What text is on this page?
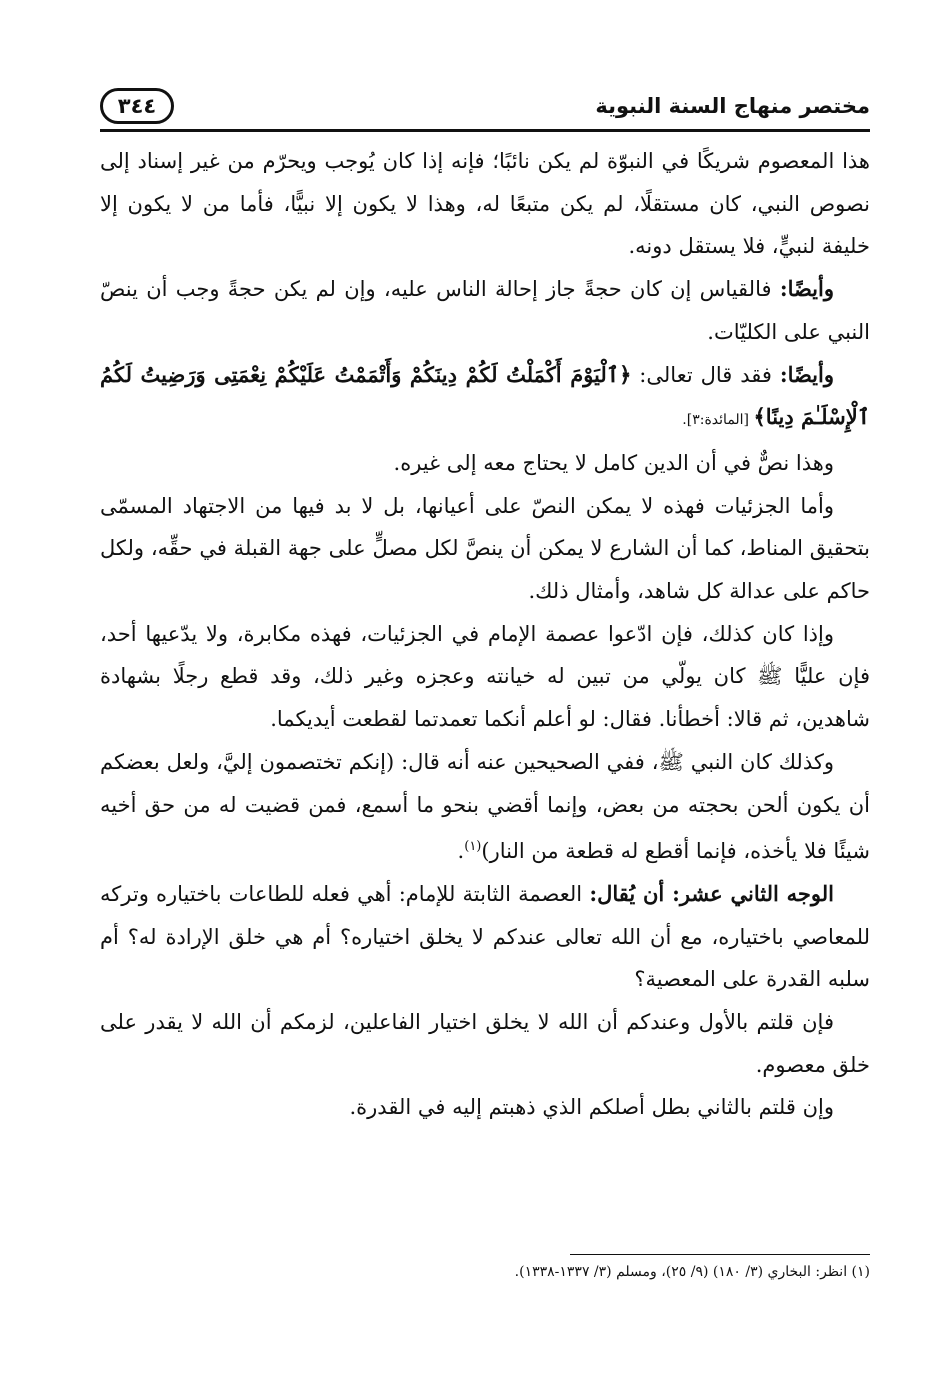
مختصر منهاج السنة النبوية
٣٤٤

هذا المعصوم شريكًا في النبوّة لم يكن نائبًا؛ فإنه إذا كان يُوجب ويحرّم من غير إسناد إلى نصوص النبي، كان مستقلًا، لم يكن متبعًا له، وهذا لا يكون إلا نبيًّا، فأما من لا يكون إلا خليفة لنبيٍّ، فلا يستقل دونه.

وأيضًا: فالقياس إن كان حجةً جاز إحالة الناس عليه، وإن لم يكن حجةً وجب أن ينصّ النبي على الكليّات.

وأيضًا: فقد قال تعالى: ﴿ٱلْيَوْمَ أَكْمَلْتُ لَكُمْ دِينَكُمْ وَأَتْمَمْتُ عَلَيْكُمْ نِعْمَتِى وَرَضِيتُ لَكُمُ ٱلْإِسْلَـٰمَ دِينًا﴾ [المائدة:٣].

وهذا نصٌّ في أن الدين كامل لا يحتاج معه إلى غيره.

وأما الجزئيات فهذه لا يمكن النصّ على أعيانها، بل لا بد فيها من الاجتهاد المسمّى بتحقيق المناط، كما أن الشارع لا يمكن أن ينصَّ لكل مصلٍّ على جهة القبلة في حقِّه، ولكل حاكم على عدالة كل شاهد، وأمثال ذلك.

وإذا كان كذلك، فإن ادّعوا عصمة الإمام في الجزئيات، فهذه مكابرة، ولا يدّعيها أحد، فإن عليًّا ﷺ كان يولّي من تبين له خيانته وعجزه وغير ذلك، وقد قطع رجلًا بشهادة شاهدين، ثم قالا: أخطأنا. فقال: لو أعلم أنكما تعمدتما لقطعت أيديكما.

وكذلك كان النبي ﷺ، ففي الصحيحين عنه أنه قال: (إنكم تختصمون إليَّ، ولعل بعضكم أن يكون ألحن بحجته من بعض، وإنما أقضي بنحو ما أسمع، فمن قضيت له من حق أخيه شيئًا فلا يأخذه، فإنما أقطع له قطعة من النار)$^{(١)}$.

الوجه الثاني عشر: أن يُقال: العصمة الثابتة للإمام: أهي فعله للطاعات باختياره وتركه للمعاصي باختياره، مع أن الله تعالى عندكم لا يخلق اختياره؟ أم هي خلق الإرادة له؟ أم سلبه القدرة على المعصية؟

فإن قلتم بالأول وعندكم أن الله لا يخلق اختيار الفاعلين، لزمكم أن الله لا يقدر على خلق معصوم.

وإن قلتم بالثاني بطل أصلكم الذي ذهبتم إليه في القدرة.

(١) انظر: البخاري (٣/ ١٨٠) (٩/ ٢٥)، ومسلم (٣/ ١٣٣٧-١٣٣٨).
